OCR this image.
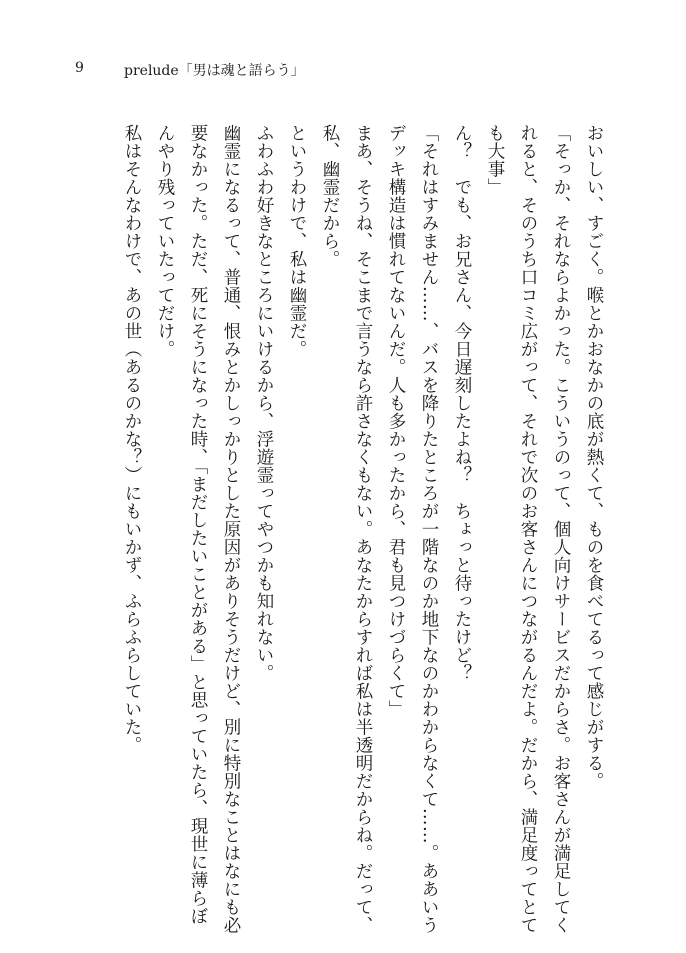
9	prelude「男は魂と語らう」

おいしい、すごく。喉とかおなかの底が熱くて、ものを食べてるって感じがする。

「そっか、それならよかった。こういうのって、個人向けサービスだからさ。お客さんが満足してくれると、そのうち口コミ広がって、それで次のお客さんにつながるんだよ。だから、満足度ってとても大事」

ん？　でも、お兄さん、今日遅刻したよね？　ちょっと待ったけど？

「それはすみません……、バスを降りたところが一階なのか地下なのかわからなくて……。ああいうデッキ構造は慣れてないんだ。人も多かったから、君も見つけづらくて」

まあ、そうね、そこまで言うなら許さなくもない。あなたからすれば私は半透明だからね。だって、私、幽霊だから。

というわけで、私は幽霊だ。

ふわふわ好きなところにいけるから、浮遊霊ってやつかも知れない。

幽霊になるって、普通、恨みとかしっかりとした原因がありそうだけど、別に特別なことはなにも必要なかった。ただ、死にそうになった時、「まだしたいことがある」と思っていたら、現世に薄らぼんやり残っていたってだけ。

私はそんなわけで、あの世（あるのかな？）にもいかず、ふらふらしていた。
